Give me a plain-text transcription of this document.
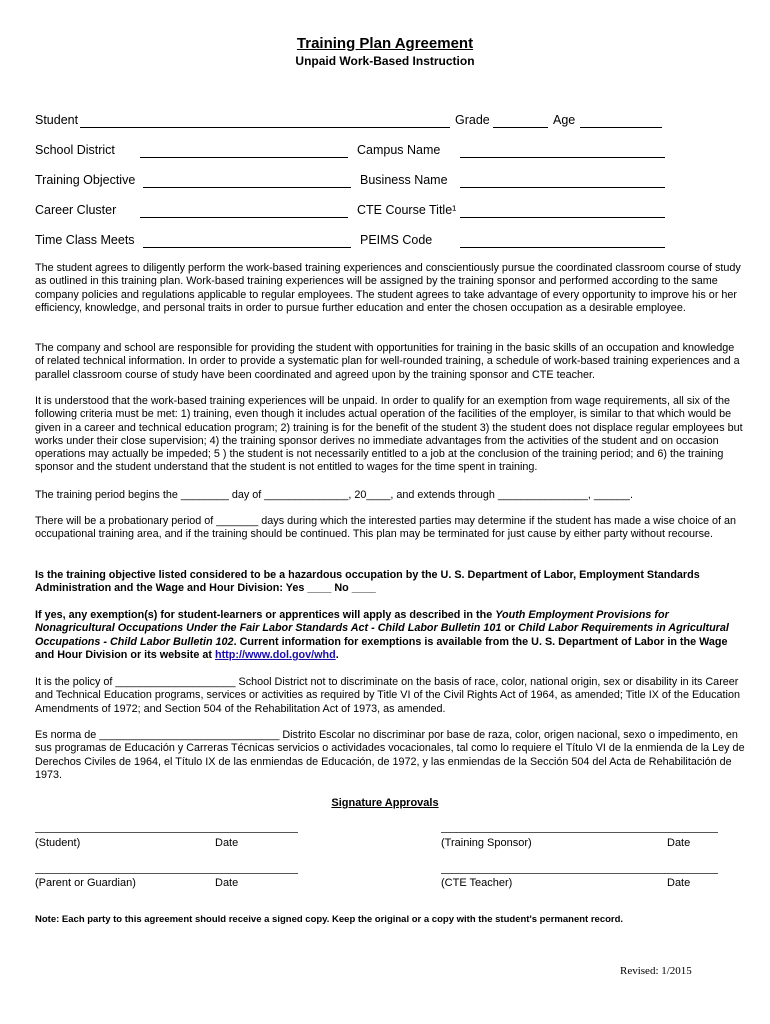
Training Plan Agreement
Unpaid Work-Based Instruction
Student	Grade	Age
School District	Campus Name
Training Objective	Business Name
Career Cluster	CTE Course Title¹
Time Class Meets	PEIMS Code
The student agrees to diligently perform the work-based training experiences and conscientiously pursue the coordinated classroom course of study as outlined in this training plan. Work-based training experiences will be assigned by the training sponsor and performed according to the same company policies and regulations applicable to regular employees. The student agrees to take advantage of every opportunity to improve his or her efficiency, knowledge, and personal traits in order to pursue further education and enter the chosen occupation as a desirable employee.
The company and school are responsible for providing the student with opportunities for training in the basic skills of an occupation and knowledge of related technical information. In order to provide a systematic plan for well-rounded training, a schedule of work-based training experiences and a parallel classroom course of study have been coordinated and agreed upon by the training sponsor and CTE teacher.
It is understood that the work-based training experiences will be unpaid. In order to qualify for an exemption from wage requirements, all six of the following criteria must be met: 1) training, even though it includes actual operation of the facilities of the employer, is similar to that which would be given in a career and technical education program; 2) training is for the benefit of the student 3) the student does not displace regular employees but works under their close supervision; 4) the training sponsor derives no immediate advantages from the activities of the student and on occasion operations may actually be impeded; 5 ) the student is not necessarily entitled to a job at the conclusion of the training period; and 6) the training sponsor and the student understand that the student is not entitled to wages for the time spent in training.
The training period begins the ________ day of ______________, 20____, and extends through _______________, ______.
There will be a probationary period of _______ days during which the interested parties may determine if the student has made a wise choice of an occupational training area, and if the training should be continued. This plan may be terminated for just cause by either party without recourse.
Is the training objective listed considered to be a hazardous occupation by the U. S. Department of Labor, Employment Standards Administration and the Wage and Hour Division: Yes ____ No ____
If yes, any exemption(s) for student-learners or apprentices will apply as described in the Youth Employment Provisions for Nonagricultural Occupations Under the Fair Labor Standards Act - Child Labor Bulletin 101 or Child Labor Requirements in Agricultural Occupations - Child Labor Bulletin 102. Current information for exemptions is available from the U. S. Department of Labor in the Wage and Hour Division or its website at http://www.dol.gov/whd.
It is the policy of ____________________ School District not to discriminate on the basis of race, color, national origin, sex or disability in its Career and Technical Education programs, services or activities as required by Title VI of the Civil Rights Act of 1964, as amended; Title IX of the Education Amendments of 1972; and Section 504 of the Rehabilitation Act of 1973, as amended.
Es norma de ______________________________ Distrito Escolar no discriminar por base de raza, color, origen nacional, sexo o impedimento, en sus programas de Educación y Carreras Técnicas servicios o actividades vocacionales, tal como lo requiere el Título VI de la enmienda de la Ley de Derechos Civiles de 1964, el Título IX de las enmiendas de Educación, de 1972, y las enmiendas de la Sección 504 del Acta de Rehabilitación de 1973.
Signature Approvals
(Student)	Date	(Training Sponsor)	Date
(Parent or Guardian)	Date	(CTE Teacher)	Date
Note: Each party to this agreement should receive a signed copy. Keep the original or a copy with the student's permanent record.
Revised: 1/2015
